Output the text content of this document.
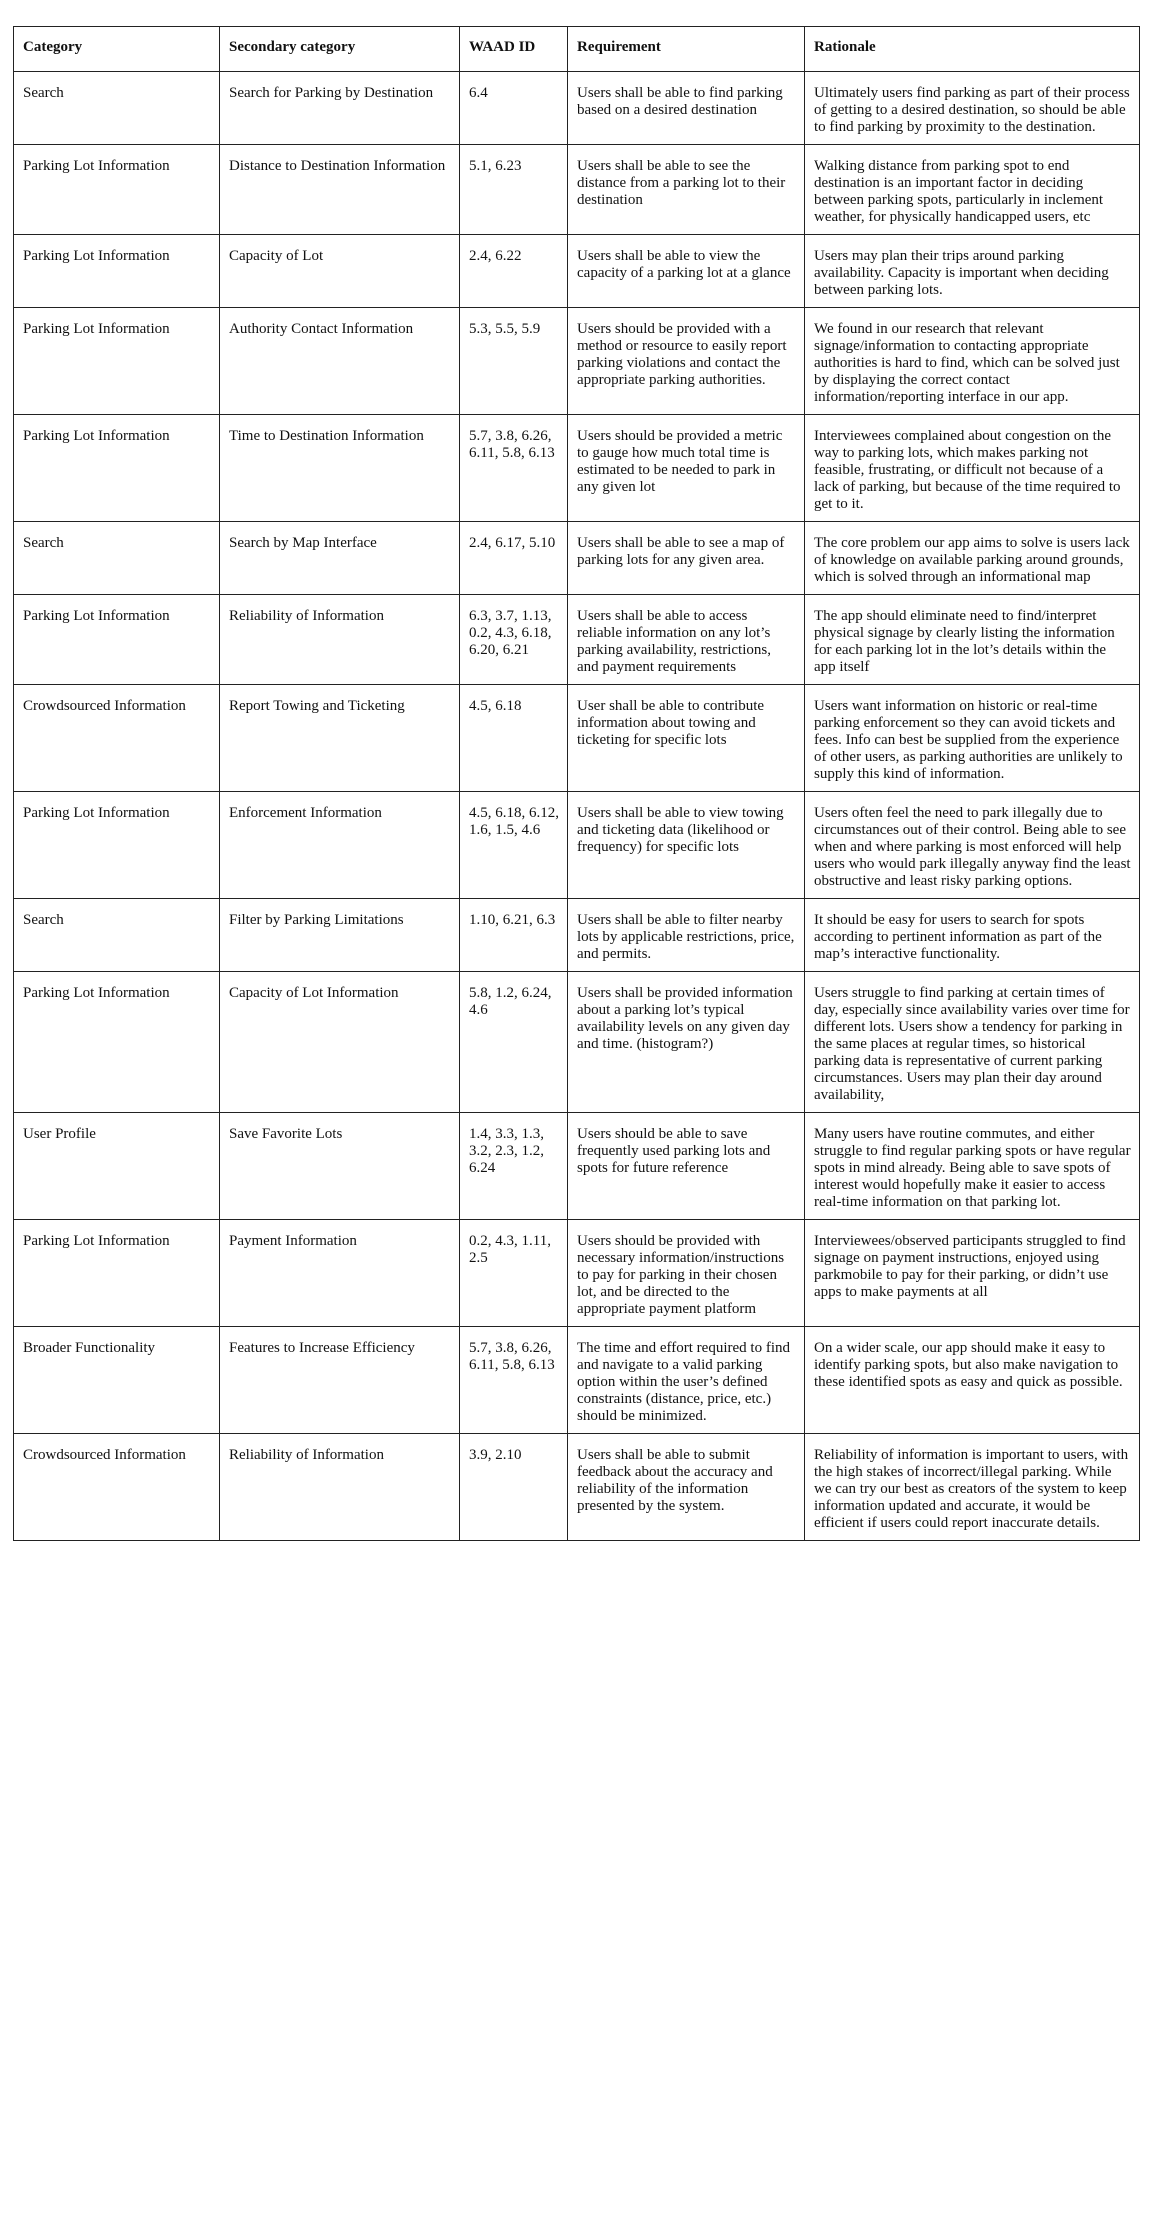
Category	Secondary category	WAAD ID	Requirement	Rationale
Search	Search for Parking by Destination	6.4	Users shall be able to find parking based on a desired destination	Ultimately users find parking as part of their process of getting to a desired destination, so should be able to find parking by proximity to the destination.
Parking Lot Information	Distance to Destination Information	5.1, 6.23	Users shall be able to see the distance from a parking lot to their destination	Walking distance from parking spot to end destination is an important factor in deciding between parking spots, particularly in inclement weather, for physically handicapped users, etc
Parking Lot Information	Capacity of Lot	2.4, 6.22	Users shall be able to view the capacity of a parking lot at a glance	Users may plan their trips around parking availability. Capacity is important when deciding between parking lots.
Parking Lot Information	Authority Contact Information	5.3, 5.5, 5.9	Users should be provided with a method or resource to easily report parking violations and contact the appropriate parking authorities.	We found in our research that relevant signage/information to contacting appropriate authorities is hard to find, which can be solved just by displaying the correct contact information/reporting interface in our app.
Parking Lot Information	Time to Destination Information	5.7, 3.8, 6.26, 6.11, 5.8, 6.13	Users should be provided a metric to gauge how much total time is estimated to be needed to park in any given lot	Interviewees complained about congestion on the way to parking lots, which makes parking not feasible, frustrating, or difficult not because of a lack of parking, but because of the time required to get to it.
Search	Search by Map Interface	2.4, 6.17, 5.10	Users shall be able to see a map of parking lots for any given area.	The core problem our app aims to solve is users lack of knowledge on available parking around grounds, which is solved through an informational map
Parking Lot Information	Reliability of Information	6.3, 3.7, 1.13, 0.2, 4.3, 6.18, 6.20, 6.21	Users shall be able to access reliable information on any lot’s parking availability, restrictions, and payment requirements	The app should eliminate need to find/interpret physical signage by clearly listing the information for each parking lot in the lot’s details within the app itself
Crowdsourced Information	Report Towing and Ticketing	4.5, 6.18	User shall be able to contribute information about towing and ticketing for specific lots	Users want information on historic or real-time parking enforcement so they can avoid tickets and fees. Info can best be supplied from the experience of other users, as parking authorities are unlikely to supply this kind of information.
Parking Lot Information	Enforcement Information	4.5, 6.18, 6.12, 1.6, 1.5, 4.6	Users shall be able to view towing and ticketing data (likelihood or frequency) for specific lots	Users often feel the need to park illegally due to circumstances out of their control. Being able to see when and where parking is most enforced will help users who would park illegally anyway find the least obstructive and least risky parking options.
Search	Filter by Parking Limitations	1.10, 6.21, 6.3	Users shall be able to filter nearby lots by applicable restrictions, price, and permits.	It should be easy for users to search for spots according to pertinent information as part of the map’s interactive functionality.
Parking Lot Information	Capacity of Lot Information	5.8, 1.2, 6.24, 4.6	Users shall be provided information about a parking lot’s typical availability levels on any given day and time. (histogram?)	Users struggle to find parking at certain times of day, especially since availability varies over time for different lots. Users show a tendency for parking in the same places at regular times, so historical parking data is representative of current parking circumstances. Users may plan their day around availability,
User Profile	Save Favorite Lots	1.4, 3.3, 1.3, 3.2, 2.3, 1.2, 6.24	Users should be able to save frequently used parking lots and spots for future reference	Many users have routine commutes, and either struggle to find regular parking spots or have regular spots in mind already. Being able to save spots of interest would hopefully make it easier to access real-time information on that parking lot.
Parking Lot Information	Payment Information	0.2, 4.3, 1.11, 2.5	Users should be provided with necessary information/instructions to pay for parking in their chosen lot, and be directed to the appropriate payment platform	Interviewees/observed participants struggled to find signage on payment instructions, enjoyed using parkmobile to pay for their parking, or didn’t use apps to make payments at all
Broader Functionality	Features to Increase Efficiency	5.7, 3.8, 6.26, 6.11, 5.8, 6.13	The time and effort required to find and navigate to a valid parking option within the user’s defined constraints (distance, price, etc.) should be minimized.	On a wider scale, our app should make it easy to identify parking spots, but also make navigation to these identified spots as easy and quick as possible.
Crowdsourced Information	Reliability of Information	3.9, 2.10	Users shall be able to submit feedback about the accuracy and reliability of the information presented by the system.	Reliability of information is important to users, with the high stakes of incorrect/illegal parking. While we can try our best as creators of the system to keep information updated and accurate, it would be efficient if users could report inaccurate details.
